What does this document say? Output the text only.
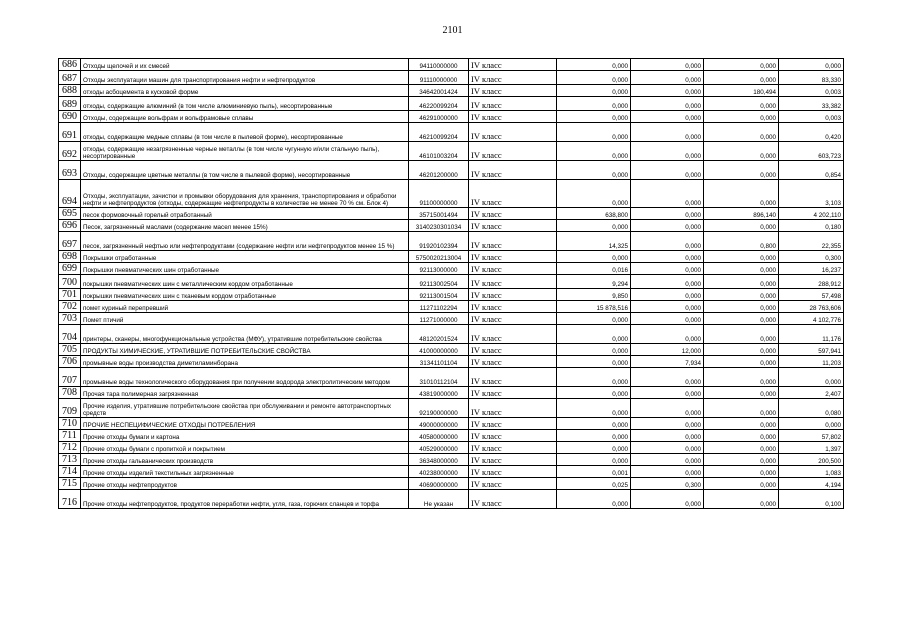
2101
686	Отходы щелочей и их смесей	94110000000	IV класс	0,000	0,000	0,000	0,000	
687	Отходы эксплуатации машин для транспортирования нефти и нефтепродуктов	91110000000	IV класс	0,000	0,000	0,000	83,330	
688	отходы асбоцемента в кусковой форме	34642001424	IV класс	0,000	0,000	180,494	0,003	
689	отходы, содержащие алюминий (в том числе алюминиевую пыль), несортированные	46220099204	IV класс	0,000	0,000	0,000	33,382	
690	Отходы, содержащие вольфрам и вольфрамовые сплавы	46291000000	IV класс	0,000	0,000	0,000	0,003	
691	отходы, содержащие медные сплавы (в том числе в пылевой форме), несортированные	46210099204	IV класс	0,000	0,000	0,000	0,420	
692	отходы, содержащие незагрязненные черные металлы (в том числе чугунную и/или стальную пыль), несортированные	46101003204	IV класс	0,000	0,000	0,000	603,723	
693	Отходы, содержащие цветные металлы (в том числе в пылевой форме), несортированные	46201200000	IV класс	0,000	0,000	0,000	0,854	
694	Отходы, эксплуатации, зачистки и промывки оборудования для хранения, транспортирования и обработки нефти и нефтепродуктов (отходы, содержащие нефтепродукты в количестве не менее 70 % см. Блок 4)	91100000000	IV класс	0,000	0,000	0,000	3,103	
695	песок формовочный горелый отработанный	35715001494	IV класс	638,800	0,000	896,140	4 202,110	
696	Песок, загрязненный маслами (содержание масел менее 15%)	3140230301034	IV класс	0,000	0,000	0,000	0,180	
697	песок, загрязненный нефтью или нефтепродуктами (содержание нефти или нефтепродуктов менее 15 %)	91920102394	IV класс	14,325	0,000	0,800	22,355	
698	Покрышки отработанные	5750020213004	IV класс	0,000	0,000	0,000	0,300	
699	Покрышки пневматических шин отработанные	92113000000	IV класс	0,016	0,000	0,000	16,237	
700	покрышки пневматических шин с металлическим кордом отработанные	92113002504	IV класс	9,294	0,000	0,000	288,912	
701	покрышки пневматических шин с тканевым кордом отработанные	92113001504	IV класс	9,850	0,000	0,000	57,498	
702	помет куриный перепревший	11271102294	IV класс	15 878,516	0,000	0,000	28 763,606	
703	Помет птичий	11271000000	IV класс	0,000	0,000	0,000	4 102,776	
704	принтеры, сканеры, многофункциональные устройства (МФУ), утратившие потребительские свойства	48120201524	IV класс	0,000	0,000	0,000	11,176	
705	ПРОДУКТЫ ХИМИЧЕСКИЕ, УТРАТИВШИЕ ПОТРЕБИТЕЛЬСКИЕ СВОЙСТВА	41000000000	IV класс	0,000	12,000	0,000	597,941	
706	промывные воды производства диметиламинборана	31341101104	IV класс	0,000	7,934	0,000	11,203	
707	промывные воды технологического оборудования при получении водорода электролитическим методом	31010112104	IV класс	0,000	0,000	0,000	0,000	
708	Прочая тара полимерная загрязненная	43819000000	IV класс	0,000	0,000	0,000	2,407	
709	Прочие изделия, утратившие потребительские свойства при обслуживании и ремонте автотранспортных средств	92190000000	IV класс	0,000	0,000	0,000	0,080	
710	ПРОЧИЕ НЕСПЕЦИФИЧЕСКИЕ ОТХОДЫ ПОТРЕБЛЕНИЯ	49000000000	IV класс	0,000	0,000	0,000	0,000	
711	Прочие отходы бумаги и картона	40580000000	IV класс	0,000	0,000	0,000	57,802	
712	Прочие отходы бумаги с пропиткой и покрытием	40529000000	IV класс	0,000	0,000	0,000	1,397	
713	Прочие отходы гальванических производств	36348000000	IV класс	0,000	0,000	0,000	200,500	
714	Прочие отходы изделий текстильных загрязненные	40238000000	IV класс	0,001	0,000	0,000	1,083	
715	Прочие отходы нефтепродуктов	40690000000	IV класс	0,025	0,300	0,000	4,194	
716	Прочие отходы нефтепродуктов, продуктов переработки нефти, угля, газа, горючих сланцев и торфа	Не указан	IV класс	0,000	0,000	0,000	0,100	
